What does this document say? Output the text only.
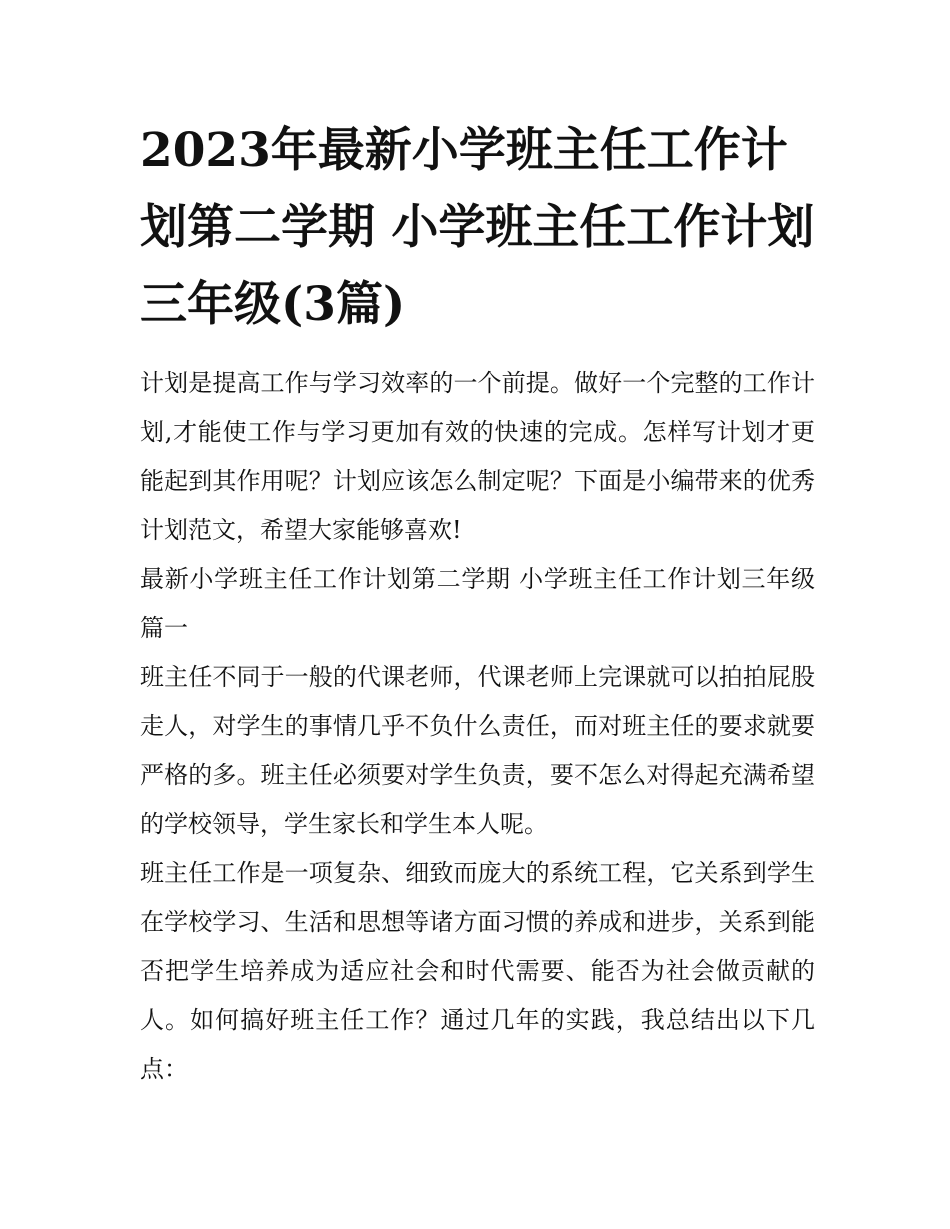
2023年最新小学班主任工作计划第二学期 小学班主任工作计划三年级(3篇)

计划是提高工作与学习效率的一个前提。做好一个完整的工作计划,才能使工作与学习更加有效的快速的完成。怎样写计划才更能起到其作用呢？计划应该怎么制定呢？下面是小编带来的优秀计划范文，希望大家能够喜欢!

最新小学班主任工作计划第二学期 小学班主任工作计划三年级篇一

班主任不同于一般的代课老师，代课老师上完课就可以拍拍屁股走人，对学生的事情几乎不负什么责任，而对班主任的要求就要严格的多。班主任必须要对学生负责，要不怎么对得起充满希望的学校领导，学生家长和学生本人呢。

班主任工作是一项复杂、细致而庞大的系统工程，它关系到学生在学校学习、生活和思想等诸方面习惯的养成和进步，关系到能否把学生培养成为适应社会和时代需要、能否为社会做贡献的人。如何搞好班主任工作？通过几年的实践，我总结出以下几点：
